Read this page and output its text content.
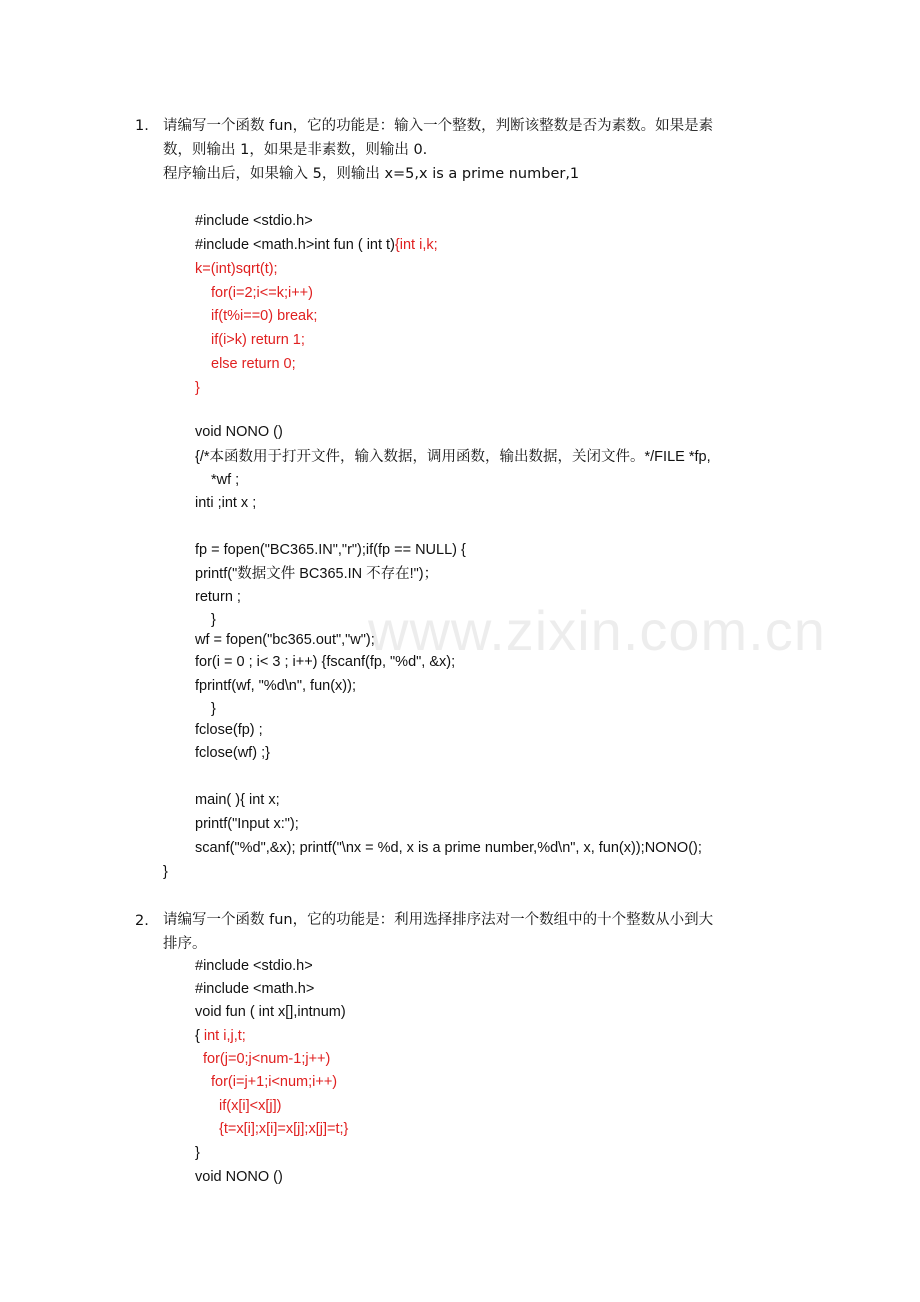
www.zixin.com.cn
1. 请编写一个函数 fun，它的功能是：输入一个整数，判断该整数是否为素数。如果是素
数，则输出 1，如果是非素数，则输出 0.
程序输出后，如果输入 5，则输出 x=5,x is a prime number,1
#include <stdio.h>
#include <math.h>int fun ( int t){int i,k;
k=(int)sqrt(t);
for(i=2;i<=k;i++)
if(t%i==0) break;
if(i>k) return 1;
else return 0;
}
void NONO ()
{/*本函数用于打开文件，输入数据，调用函数，输出数据，关闭文件。*/FILE *fp,
*wf ;
inti ;int x ;
fp = fopen("BC365.IN","r");if(fp == NULL) {
printf("数据文件 BC365.IN 不存在!")；
return ;
}
wf = fopen("bc365.out","w");
for(i = 0 ; i< 3 ; i++) {fscanf(fp, "%d", &x);
fprintf(wf, "%d\n", fun(x));
}
fclose(fp) ;
fclose(wf) ;}
main( ){ int x;
printf("Input x:");
scanf("%d",&x); printf("\nx = %d, x is a prime number,%d\n", x, fun(x));NONO();
}
2. 请编写一个函数 fun，它的功能是：利用选择排序法对一个数组中的十个整数从小到大
排序。
#include <stdio.h>
#include <math.h>
void fun ( int x[],intnum)
{ int i,j,t;
for(j=0;j<num-1;j++)
for(i=j+1;i<num;i++)
if(x[i]<x[j])
{t=x[i];x[i]=x[j];x[j]=t;}
}
void NONO ()
